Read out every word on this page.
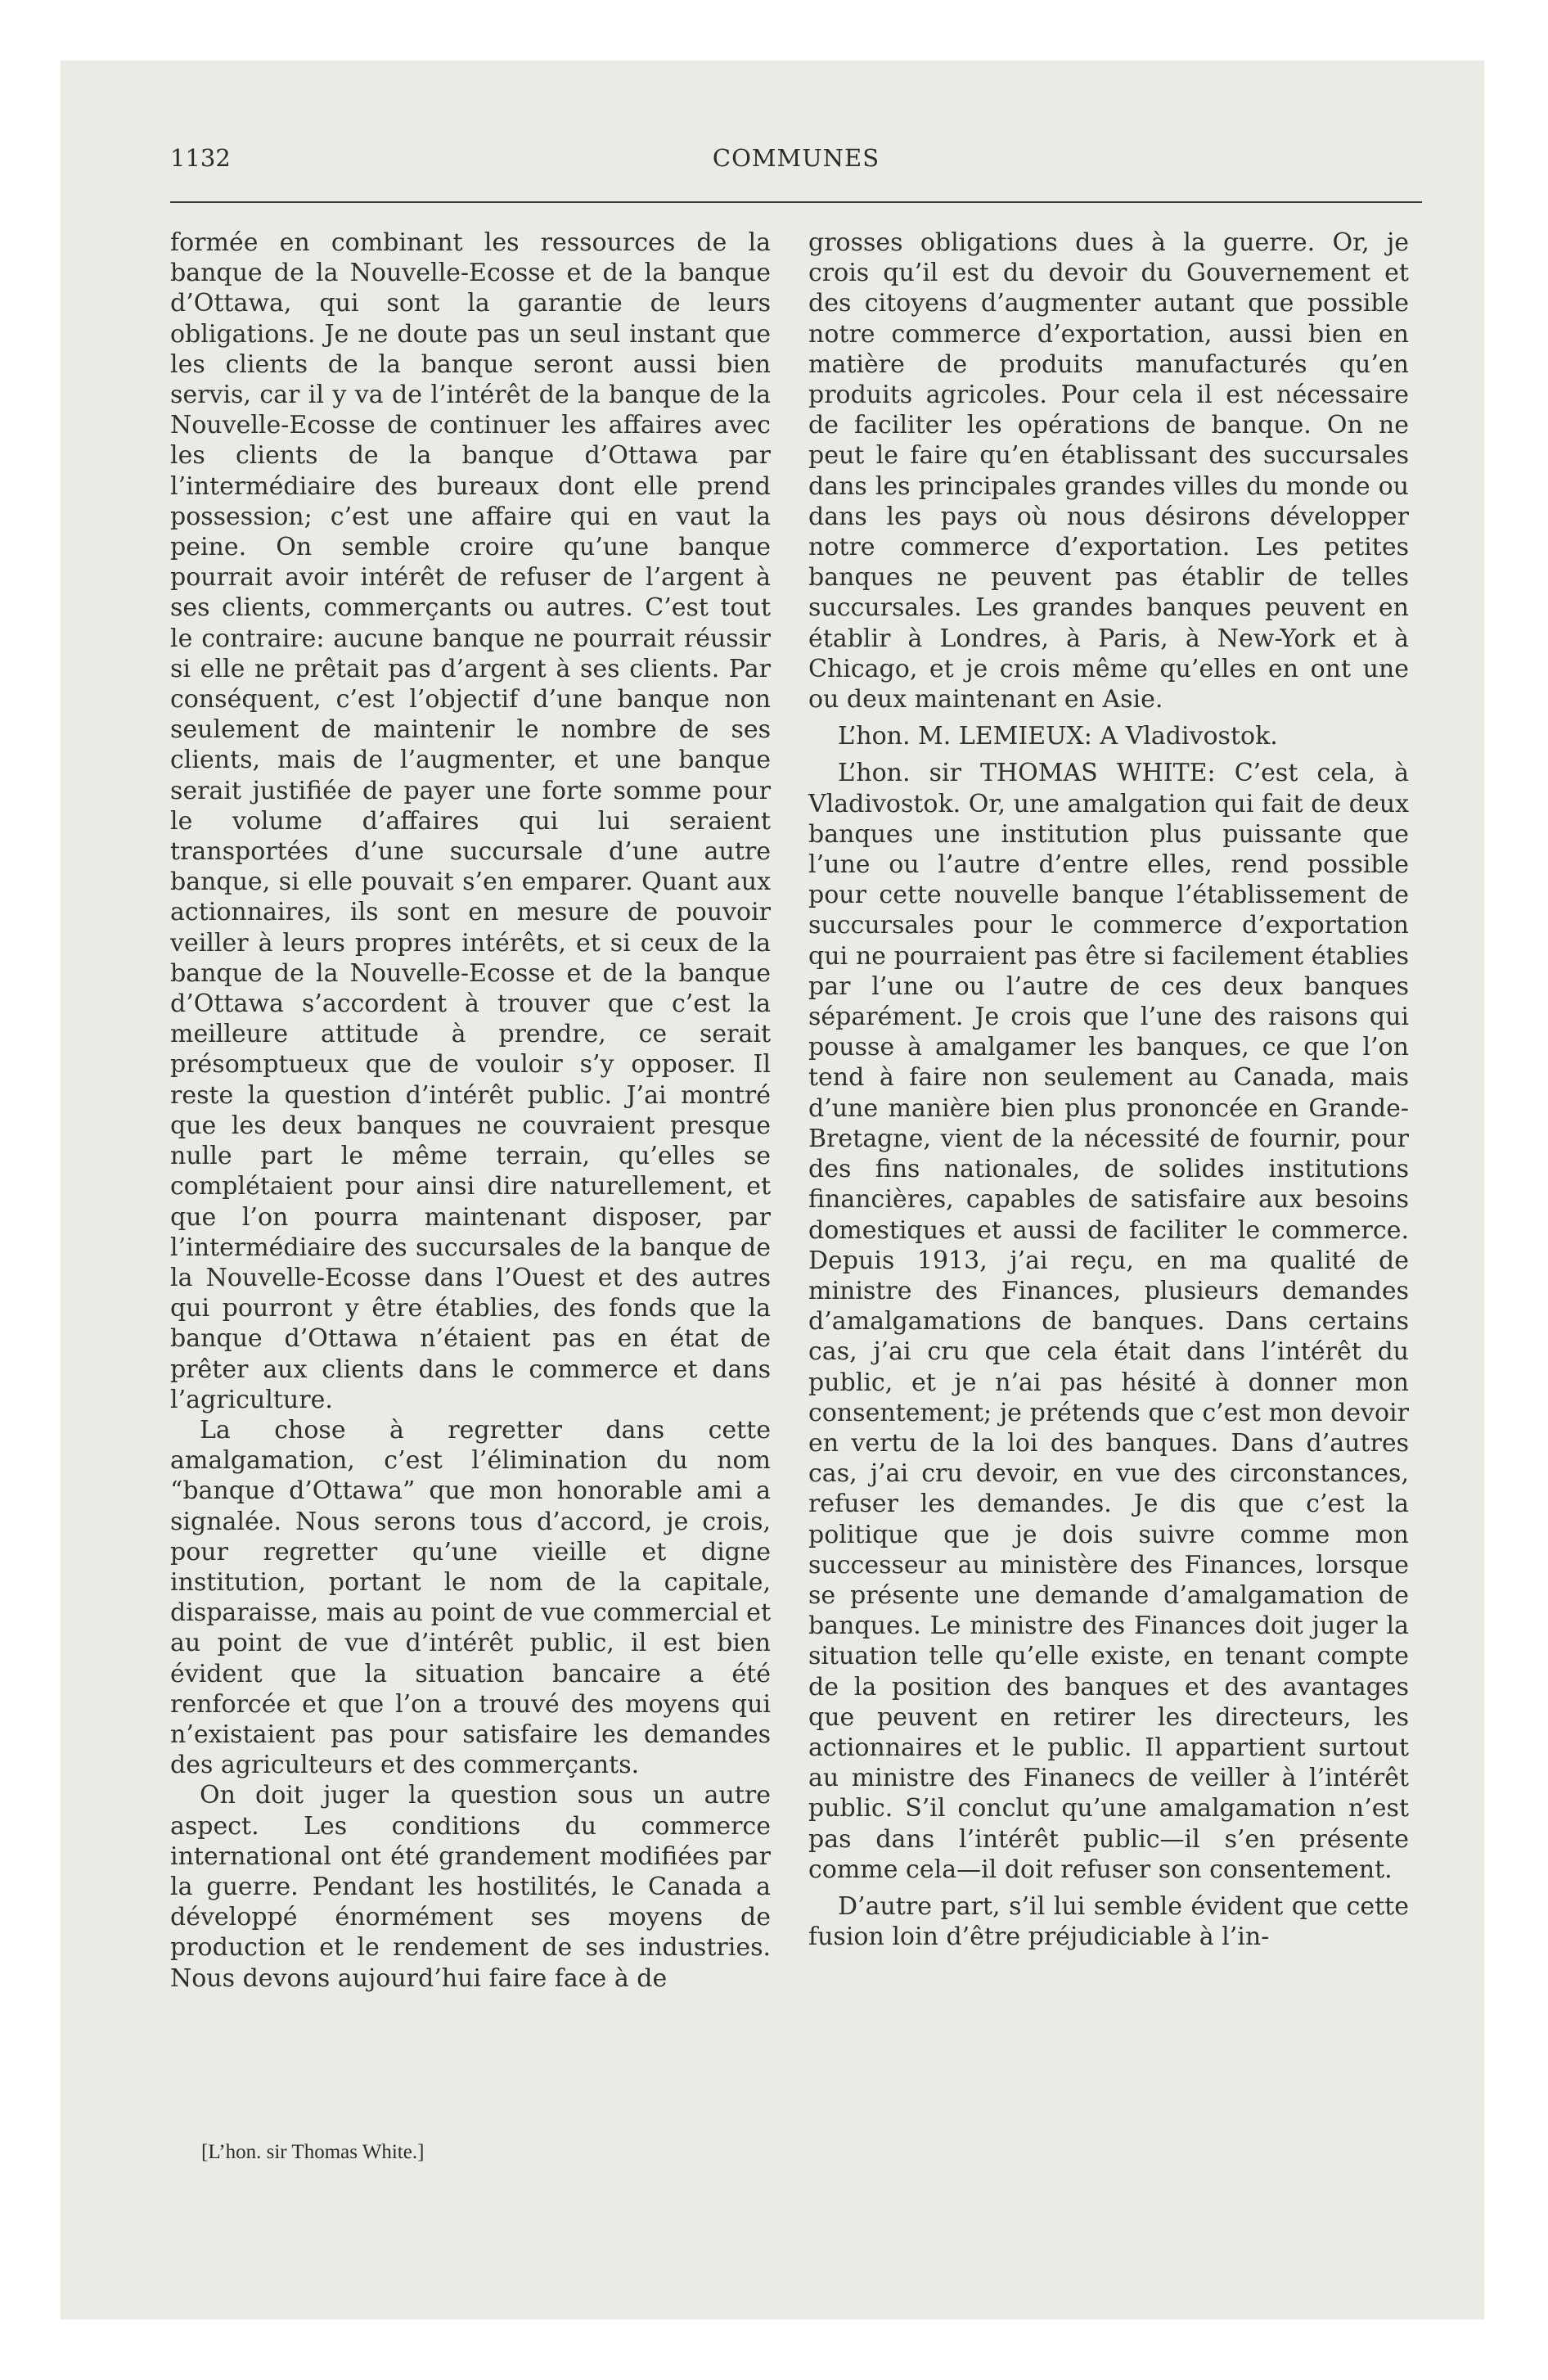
1132	COMMUNES

formée en combinant les ressources de la banque de la Nouvelle-Ecosse et de la banque d’Ottawa, qui sont la garantie de leurs obligations. Je ne doute pas un seul instant que les clients de la banque seront aussi bien servis, car il y va de l’intérêt de la banque de la Nouvelle-Ecosse de continuer les affaires avec les clients de la banque d’Ottawa par l’intermédiaire des bureaux dont elle prend possession; c’est une affaire qui en vaut la peine. On semble croire qu’une banque pourrait avoir intérêt de refuser de l’argent à ses clients, commerçants ou autres. C’est tout le contraire: aucune banque ne pourrait réussir si elle ne prêtait pas d’argent à ses clients. Par conséquent, c’est l’objectif d’une banque non seulement de maintenir le nombre de ses clients, mais de l’augmenter, et une banque serait justifiée de payer une forte somme pour le volume d’affaires qui lui seraient transportées d’une succursale d’une autre banque, si elle pouvait s’en emparer. Quant aux actionnaires, ils sont en mesure de pouvoir veiller à leurs propres intérêts, et si ceux de la banque de la Nouvelle-Ecosse et de la banque d’Ottawa s’accordent à trouver que c’est la meilleure attitude à prendre, ce serait présomptueux que de vouloir s’y opposer. Il reste la question d’intérêt public. J’ai montré que les deux banques ne couvraient presque nulle part le même terrain, qu’elles se complétaient pour ainsi dire naturellement, et que l’on pourra maintenant disposer, par l’intermédiaire des succursales de la banque de la Nouvelle-Ecosse dans l’Ouest et des autres qui pourront y être établies, des fonds que la banque d’Ottawa n’étaient pas en état de prêter aux clients dans le commerce et dans l’agriculture.

La chose à regretter dans cette amalgamation, c’est l’élimination du nom “banque d’Ottawa” que mon honorable ami a signalée. Nous serons tous d’accord, je crois, pour regretter qu’une vieille et digne institution, portant le nom de la capitale, disparaisse, mais au point de vue commercial et au point de vue d’intérêt public, il est bien évident que la situation bancaire a été renforcée et que l’on a trouvé des moyens qui n’existaient pas pour satisfaire les demandes des agriculteurs et des commerçants.

On doit juger la question sous un autre aspect. Les conditions du commerce international ont été grandement modifiées par la guerre. Pendant les hostilités, le Canada a développé énormément ses moyens de production et le rendement de ses industries. Nous devons aujourd’hui faire face à de

[L’hon. sir Thomas White.]

grosses obligations dues à la guerre. Or, je crois qu’il est du devoir du Gouvernement et des citoyens d’augmenter autant que possible notre commerce d’exportation, aussi bien en matière de produits manufacturés qu’en produits agricoles. Pour cela il est nécessaire de faciliter les opérations de banque. On ne peut le faire qu’en établissant des succursales dans les principales grandes villes du monde ou dans les pays où nous désirons développer notre commerce d’exportation. Les petites banques ne peuvent pas établir de telles succursales. Les grandes banques peuvent en établir à Londres, à Paris, à New-York et à Chicago, et je crois même qu’elles en ont une ou deux maintenant en Asie.

L’hon. M. LEMIEUX: A Vladivostok.

L’hon. sir THOMAS WHITE: C’est cela, à Vladivostok. Or, une amalgation qui fait de deux banques une institution plus puissante que l’une ou l’autre d’entre elles, rend possible pour cette nouvelle banque l’établissement de succursales pour le commerce d’exportation qui ne pourraient pas être si facilement établies par l’une ou l’autre de ces deux banques séparément. Je crois que l’une des raisons qui pousse à amalgamer les banques, ce que l’on tend à faire non seulement au Canada, mais d’une manière bien plus prononcée en Grande-Bretagne, vient de la nécessité de fournir, pour des fins nationales, de solides institutions financières, capables de satisfaire aux besoins domestiques et aussi de faciliter le commerce. Depuis 1913, j’ai reçu, en ma qualité de ministre des Finances, plusieurs demandes d’amalgamations de banques. Dans certains cas, j’ai cru que cela était dans l’intérêt du public, et je n’ai pas hésité à donner mon consentement; je prétends que c’est mon devoir en vertu de la loi des banques. Dans d’autres cas, j’ai cru devoir, en vue des circonstances, refuser les demandes. Je dis que c’est la politique que je dois suivre comme mon successeur au ministère des Finances, lorsque se présente une demande d’amalgamation de banques. Le ministre des Finances doit juger la situation telle qu’elle existe, en tenant compte de la position des banques et des avantages que peuvent en retirer les directeurs, les actionnaires et le public. Il appartient surtout au ministre des Finanecs de veiller à l’intérêt public. S’il conclut qu’une amalgamation n’est pas dans l’intérêt public—il s’en présente comme cela—il doit refuser son consentement.

D’autre part, s’il lui semble évident que cette fusion loin d’être préjudiciable à l’in-
